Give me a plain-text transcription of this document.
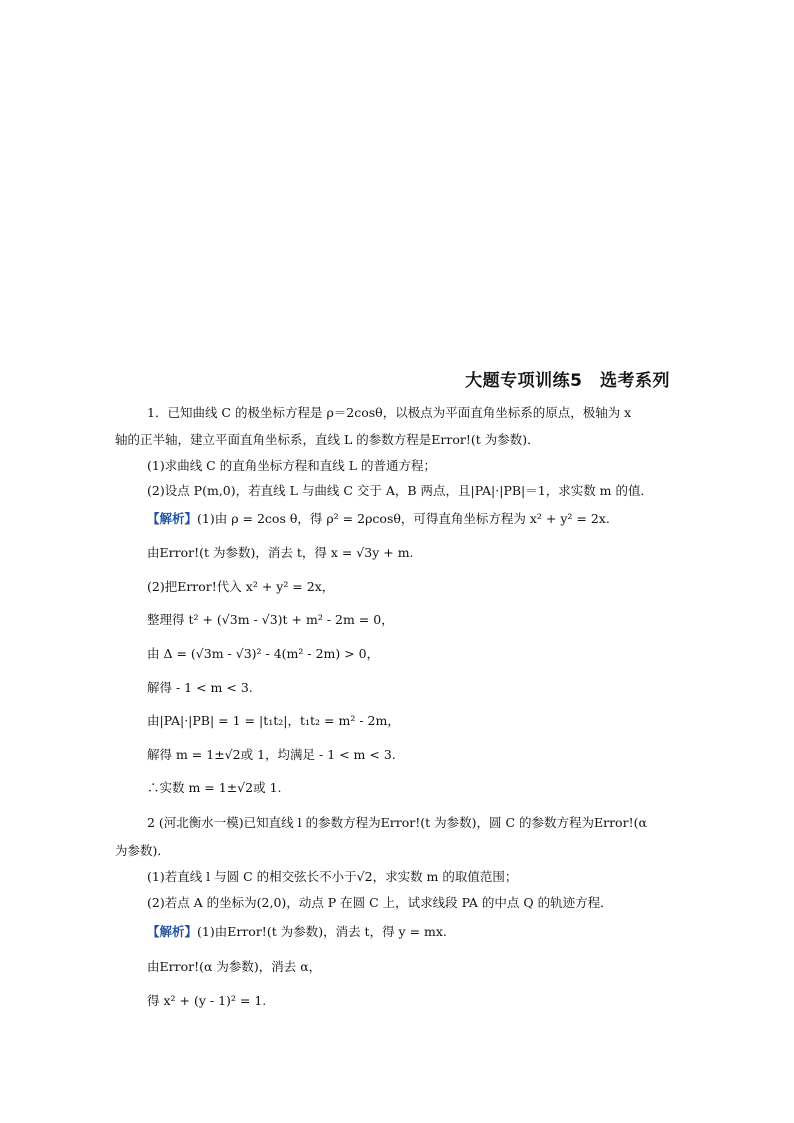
大题专项训练5　选考系列
1．已知曲线 C 的极坐标方程是 ρ＝2cosθ，以极点为平面直角坐标系的原点，极轴为 x
轴的正半轴，建立平面直角坐标系，直线 L 的参数方程是Error!(t 为参数)．
(1)求曲线 C 的直角坐标方程和直线 L 的普通方程；
(2)设点 P(m,0)，若直线 L 与曲线 C 交于 A，B 两点，且|PA|·|PB|＝1，求实数 m 的值．
【解析】(1)由 ρ = 2cos θ，得 ρ² = 2ρcosθ，可得直角坐标方程为 x² + y² = 2x.
由Error!(t 为参数)，消去 t，得 x = √3y + m.
(2)把Error!代入 x² + y² = 2x，
整理得 t² + (√3m - √3)t + m² - 2m = 0，
由 Δ = (√3m - √3)² - 4(m² - 2m) > 0，
解得 - 1 < m < 3.
由|PA|·|PB| = 1 = |t₁t₂|，t₁t₂ = m² - 2m，
解得 m = 1±√2或 1，均满足 - 1 < m < 3.
∴实数 m = 1±√2或 1.
2 (河北衡水一模)已知直线 l 的参数方程为Error!(t 为参数)，圆 C 的参数方程为Error!(α
为参数)．
(1)若直线 l 与圆 C 的相交弦长不小于√2，求实数 m 的取值范围；
(2)若点 A 的坐标为(2,0)，动点 P 在圆 C 上，试求线段 PA 的中点 Q 的轨迹方程．
【解析】(1)由Error!(t 为参数)，消去 t，得 y = mx.
由Error!(α 为参数)，消去 α，
得 x² + (y - 1)² = 1.
